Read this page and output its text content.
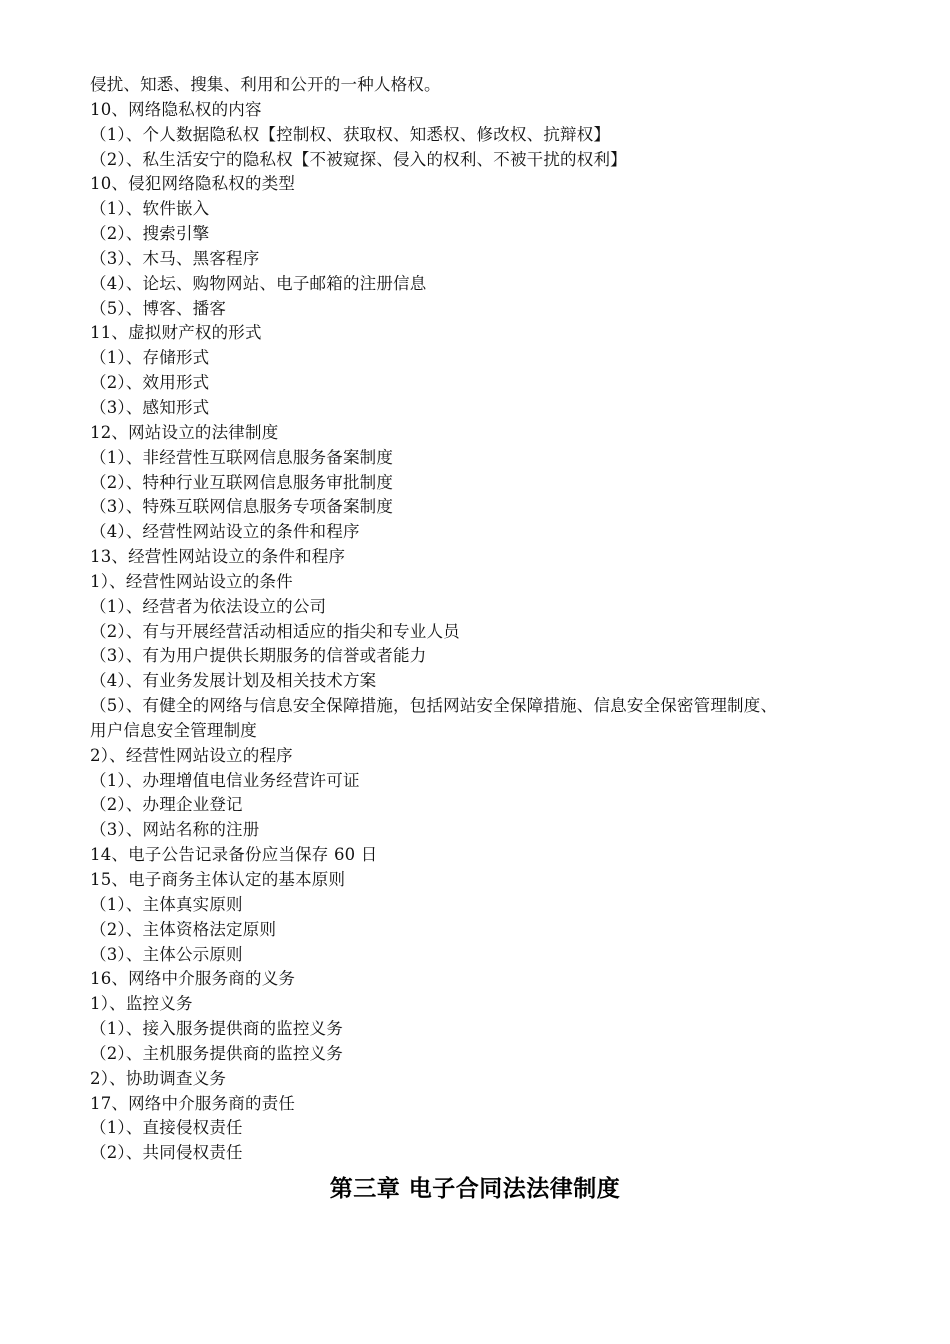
侵扰、知悉、搜集、利用和公开的一种人格权。
10、网络隐私权的内容
（1）、个人数据隐私权【控制权、获取权、知悉权、修改权、抗辩权】
（2）、私生活安宁的隐私权【不被窥探、侵入的权利、不被干扰的权利】
10、侵犯网络隐私权的类型
（1）、软件嵌入
（2）、搜索引擎
（3）、木马、黑客程序
（4）、论坛、购物网站、电子邮箱的注册信息
（5）、博客、播客
11、虚拟财产权的形式
（1）、存储形式
（2）、效用形式
（3）、感知形式
12、网站设立的法律制度
（1）、非经营性互联网信息服务备案制度
（2）、特种行业互联网信息服务审批制度
（3）、特殊互联网信息服务专项备案制度
（4）、经营性网站设立的条件和程序
13、经营性网站设立的条件和程序
1）、经营性网站设立的条件
（1）、经营者为依法设立的公司
（2）、有与开展经营活动相适应的指尖和专业人员
（3）、有为用户提供长期服务的信誉或者能力
（4）、有业务发展计划及相关技术方案
（5）、有健全的网络与信息安全保障措施，包括网站安全保障措施、信息安全保密管理制度、
用户信息安全管理制度
2）、经营性网站设立的程序
（1）、办理增值电信业务经营许可证
（2）、办理企业登记
（3）、网站名称的注册
14、电子公告记录备份应当保存 60 日
15、电子商务主体认定的基本原则
（1）、主体真实原则
（2）、主体资格法定原则
（3）、主体公示原则
16、网络中介服务商的义务
1）、监控义务
（1）、接入服务提供商的监控义务
（2）、主机服务提供商的监控义务
2）、协助调查义务
17、网络中介服务商的责任
（1）、直接侵权责任
（2）、共同侵权责任
第三章 电子合同法法律制度
